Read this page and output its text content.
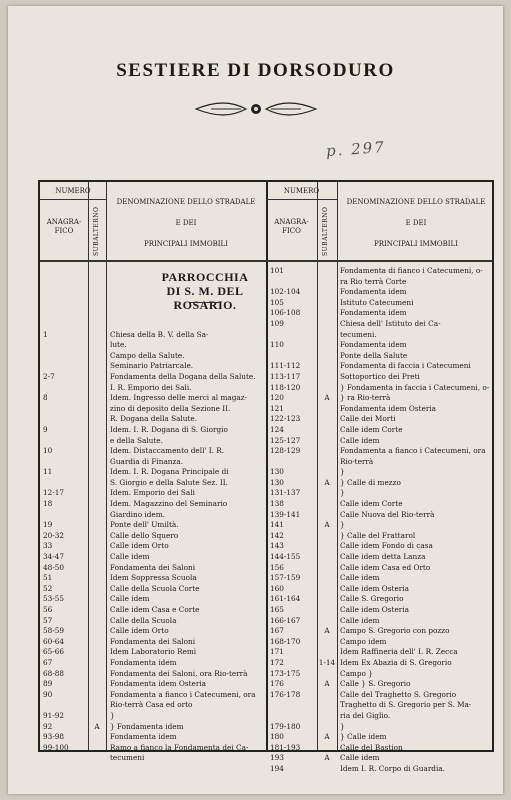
SESTIERE DI DORSODURO
p. 297
NUMERO
ANAGRA-
FICO	SUBALTERNO
DENOMINAZIONE DELLO STRADALE
E DEI
PRINCIPALI IMMOBILI
NUMERO
ANAGRA-
FICO	SUBALTERNO
DENOMINAZIONE DELLO STRADALE
E DEI
PRINCIPALI IMMOBILI
PARROCCHIA
DI S. M. DEL ROSARIO.
1
2-7
8
9
10
11
12-17
18
19
20-32
33
34-47
48-50
51
52
53-55
56
57
58-59
60-64
65-66
67
68-88
89
90
91-92
92
93-98
99-100
A
Chiesa della B. V. della Sa-
lute.
Campo della Salute.
Seminario Patriarcale.
Fondamenta della Dogana della Salute.
I. R. Emporio dei Sali.
Idem. Ingresso delle merci al magaz-
zino di deposito della Sezione II.
R. Dogana della Salute.
Idem. I. R. Dogana di S. Giorgio
e della Salute.
Idem. Distaccamento dell' I. R.
Guardia di Finanza.
Idem. I. R. Dogana Principale di
S. Giorgio e della Salute Sez. II.
Idem. Emporio dei Sali
Idem. Magazzino del Seminario
Giardino idem.
Ponte dell' Umiltà.
Calle dello Squero
Calle idem Orto
Calle idem
Fondamenta dei Saloni
Idem Soppressa Scuola
Calle della Scuola Corte
Calle idem
Calle idem Casa e Corte
Calle della Scuola
Calle idem Orto
Fondamenta dei Saloni
Idem Laboratorio Remi
Fondamenta idem
Fondamenta dei Saloni, ora Rio-terrà
Fondamenta idem Osteria
Fondamenta a fianco i Catecumeni, ora
Rio-terrà Casa ed orto
}
} Fondamenta idem
Fondamenta idem
Ramo a fianco la Fondamenta dei Ca-
tecumeni
101
102-104
105
106-108
109
110
111-112
113-117
118-120
120
121
122-123
124
125-127
128-129
130
130
131-137
138
139-141
141
142
143
144-155
156
157-159
160
161-164
165
166-167
167
168-170
171
172
173-175
176
176-178
179-180
180
181-193
193
194
A
A
A
A
1-14
A
A
A
Fondamenta di fianco i Catecumeni, o-
ra Rio terrà Corte
Fondamenta idem
Istituto Catecumeni
Fondamenta idem
Chiesa dell' Istituto dei Ca-
tecumeni.
Fondamenta idem
Ponte della Salute
Fondamenta di faccia i Catecumeni
Sottoportico dei Preti
} Fondamenta in faccia i Catecumeni, o-
} ra Rio-terrà
Fondamenta idem Osteria
Calle dei Morti
Calle idem Corte
Calle idem
Fondamenta a fianco i Catecumeni, ora
Rio-terrà
}
} Calle di mezzo
}
Calle idem Corte
Calle Nuova del Rio-terrà
}
} Calle del Frattarol
Calle idem Fondo di casa
Calle idem detta Lanza
Calle idem Casa ed Orto
Calle idem
Calle idem Osteria
Calle S. Gregorio
Calle idem Osteria
Calle idem
Campo S. Gregorio con pozzo
Campo idem
Idem Raffineria dell' I. R. Zecca
Idem Ex Abazia di S. Gregorio
Campo }
Calle } S. Gregorio
Calle del Traghetto S. Gregorio
Traghetto di S. Gregorio per S. Ma-
ria del Giglio.
}
} Calle idem
Calle del Bastion
Calle idem
Idem I. R. Corpo di Guardia.
